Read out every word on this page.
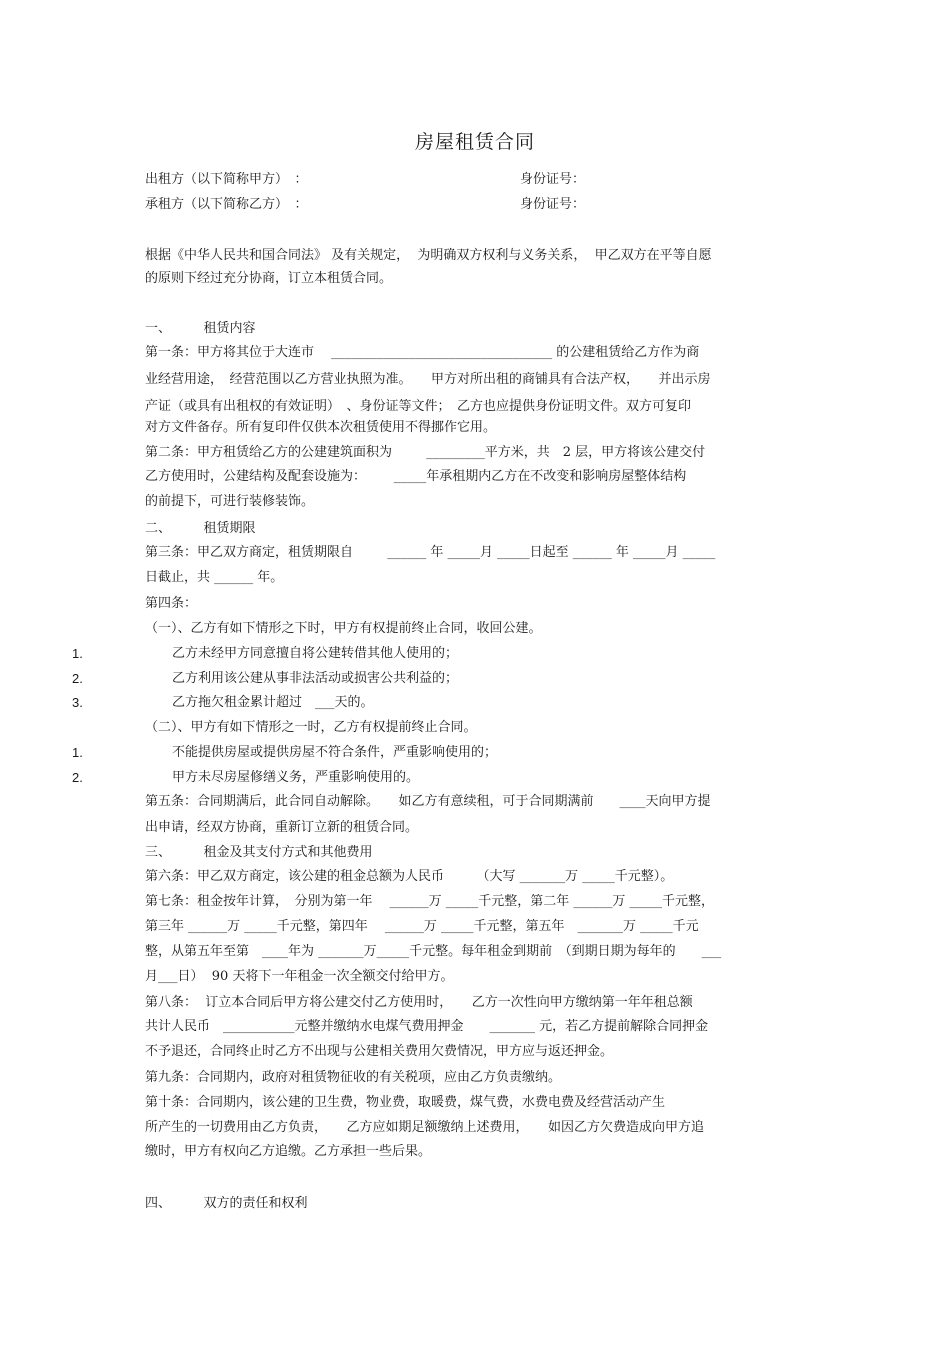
房屋租赁合同
出租方（以下简称甲方）　：	身份证号：
承租方（以下简称乙方）　：	身份证号：
根据《中华人民共和国合同法》 及有关规定，  为明确双方权利与义务关系，  甲乙双方在平等自愿
的原则下经过充分协商，订立本租赁合同。
一、　　　租赁内容
第一条：甲方将其位于大连市　 __________________________________ 的公建租赁给乙方作为商
业经营用途，　经营范围以乙方营业执照为准。　　甲方对所出租的商铺具有合法产权，　　并出示房
产证（或具有出租权的有效证明）　、身份证等文件；　乙方也应提供身份证明文件。双方可复印
对方文件备存。所有复印件仅供本次租赁使用不得挪作它用。
第二条：甲方租赁给乙方的公建建筑面积为　　  _________平方米，共　2 层，甲方将该公建交付
乙方使用时，公建结构及配套设施为：　　  _____年承租期内乙方在不改变和影响房屋整体结构
的前提下，可进行装修装饰。
二、　　　租赁期限
第三条：甲乙双方商定，租赁期限自　　  ______ 年 _____月 _____日起至 ______ 年 _____月 _____
日截止，共 ______ 年。
第四条：
（一）、乙方有如下情形之下时，甲方有权提前终止合同，收回公建。
1.	乙方未经甲方同意擅自将公建转借其他人使用的；
2.	乙方利用该公建从事非法活动或损害公共利益的；
3.	乙方拖欠租金累计超过　___天的。
（二）、甲方有如下情形之一时，乙方有权提前终止合同。
1.	不能提供房屋或提供房屋不符合条件，严重影响使用的；
2.	甲方未尽房屋修缮义务，严重影响使用的。
第五条：合同期满后，此合同自动解除。　　如乙方有意续租，可于合同期满前　　____天向甲方提
出申请，经双方协商，重新订立新的租赁合同。
三、　　　租金及其支付方式和其他费用
第六条：甲乙双方商定，该公建的租金总额为人民币　　　（大写 _______万 _____千元整）。
第七条：租金按年计算，　分别为第一年　 ______万 _____千元整，第二年 ______万 _____千元整，
第三年 ______万 _____千元整，第四年　 ______万 _____千元整，第五年　_______万 _____千元
整，从第五年至第　____年为 _______万_____千元整。每年租金到期前　（到期日期为每年的　　___
月___日）  90 天将下一年租金一次全额交付给甲方。
第八条：  订立本合同后甲方将公建交付乙方使用时，　　乙方一次性向甲方缴纳第一年年租总额
共计人民币　___________元整并缴纳水电煤气费用押金　　_______ 元，若乙方提前解除合同押金
不予退还，合同终止时乙方不出现与公建相关费用欠费情况，甲方应与返还押金。
第九条：合同期内，政府对租赁物征收的有关税项，应由乙方负责缴纳。
第十条：合同期内，该公建的卫生费，物业费，取暖费，煤气费，水费电费及经营活动产生
所产生的一切费用由乙方负责，　　乙方应如期足额缴纳上述费用，　　如因乙方欠费造成向甲方追
缴时，甲方有权向乙方追缴。乙方承担一些后果。
四、　　　双方的责任和权利
